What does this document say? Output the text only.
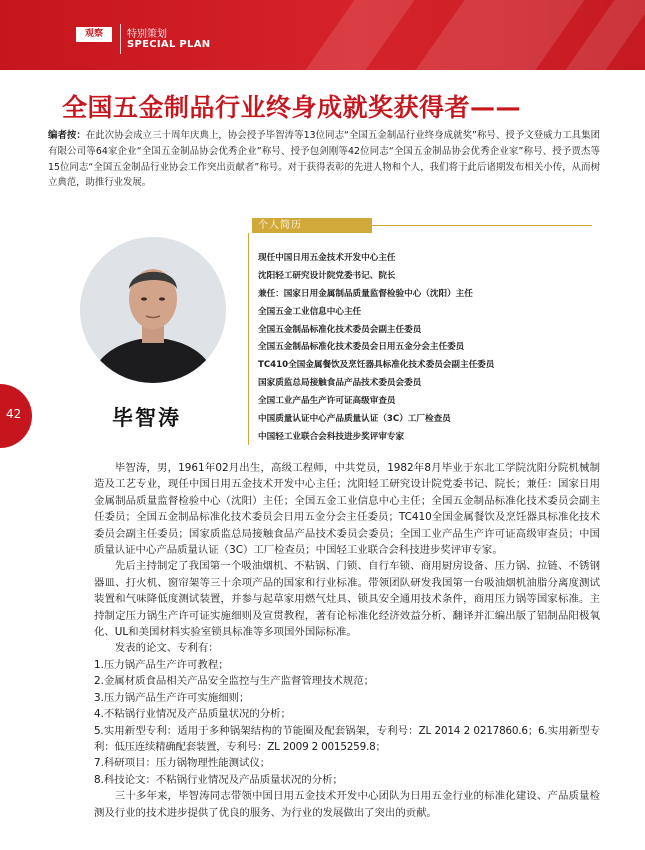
观察	特别策划
SPECIAL PLAN
全国五金制品行业终身成就奖获得者——
编者按：在此次协会成立三十周年庆典上，协会授予毕智涛等13位同志“全国五金制品行业终身成就奖”称号、授予文登威力工具集团有限公司等64家企业“全国五金制品协会优秀企业”称号、授予包剑刚等42位同志“全国五金制品协会优秀企业家”称号、授予贾杰等15位同志“全国五金制品行业协会工作突出贡献者”称号。对于获得表彰的先进人物和个人，我们将于此后诸期发布相关小传，从而树立典范，助推行业发展。
个人简历
毕智涛
现任中国日用五金技术开发中心主任
沈阳轻工研究设计院党委书记、院长
兼任：国家日用金属制品质量监督检验中心（沈阳）主任
全国五金工业信息中心主任
全国五金制品标准化技术委员会副主任委员
全国五金制品标准化技术委员会日用五金分会主任委员
TC410全国金属餐饮及烹饪器具标准化技术委员会副主任委员
国家质监总局接触食品产品技术委员会委员
全国工业产品生产许可证高级审查员
中国质量认证中心产品质量认证（3C）工厂检查员
中国轻工业联合会科技进步奖评审专家
42

毕智涛，男，1961年02月出生，高级工程师，中共党员，1982年8月毕业于东北工学院沈阳分院机械制造及工艺专业，现任中国日用五金技术开发中心主任；沈阳轻工研究设计院党委书记、院长；兼任：国家日用金属制品质量监督检验中心（沈阳）主任；全国五金工业信息中心主任；全国五金制品标准化技术委员会副主任委员；全国五金制品标准化技术委员会日用五金分会主任委员；TC410全国金属餐饮及烹饪器具标准化技术委员会副主任委员；国家质监总局接触食品产品技术委员会委员；全国工业产品生产许可证高级审查员；中国质量认证中心产品质量认证（3C）工厂检查员；中国轻工业联合会科技进步奖评审专家。

先后主持制定了我国第一个吸油烟机、不粘锅、门锁、自行车锁、商用厨房设备、压力锅、拉链、不锈钢器皿、打火机、窗帘架等三十余项产品的国家和行业标准。带领团队研发我国第一台吸油烟机油脂分离度测试装置和气味降低度测试装置，并参与起草家用燃气灶具、锁具安全通用技术条件，商用压力锅等国家标准。主持制定压力锅生产许可证实施细则及宣贯教程，著有论标准化经济效益分析、翻译并汇编出版了铝制品阳极氧化、UL和美国材料实验室锁具标准等多项国外国际标准。

发表的论文、专利有：

1.压力锅产品生产许可教程；

2.金属材质食品相关产品安全监控与生产监督管理技术规范；

3.压力锅产品生产许可实施细则；

4.不粘锅行业情况及产品质量状况的分析；

5.实用新型专利：适用于多种锅架结构的节能圈及配套锅架，专利号：ZL 2014 2 0217860.6；6.实用新型专利：低压连续精确配套装置，专利号：ZL 2009 2 0015259.8；

7.科研项目：压力锅物理性能测试仪；

8.科技论文：不粘锅行业情况及产品质量状况的分析；

三十多年来，毕智涛同志带领中国日用五金技术开发中心团队为日用五金行业的标准化建设、产品质量检测及行业的技术进步提供了优良的服务、为行业的发展做出了突出的贡献。
